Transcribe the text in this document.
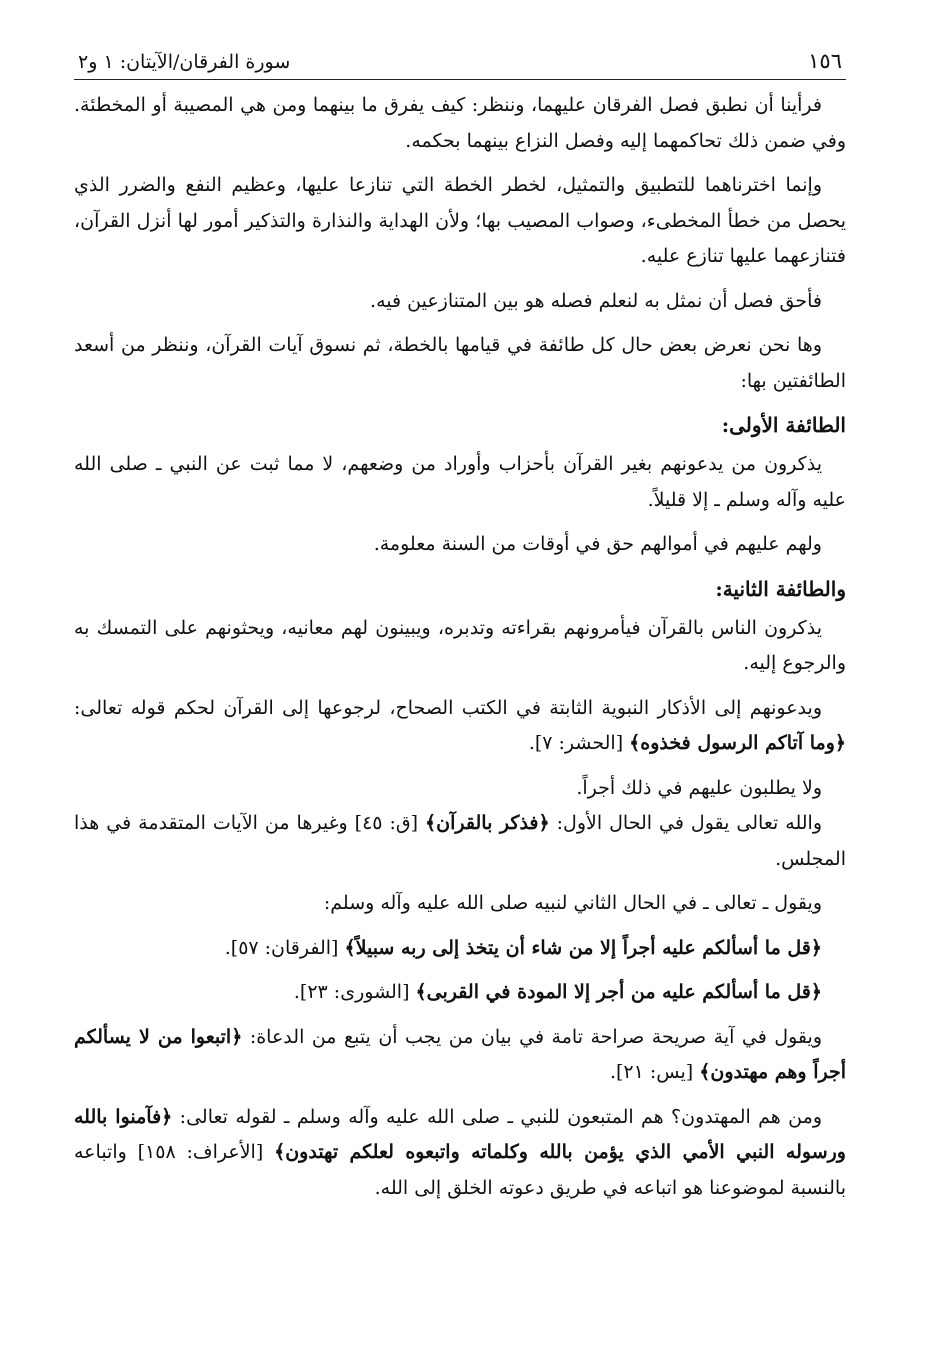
١٥٦
سورة الفرقان/الآيتان: ١ و٢

فرأينا أن نطبق فصل الفرقان عليهما، وننظر: كيف يفرق ما بينهما ومن هي المصيبة أو المخطئة. وفي ضمن ذلك تحاكمهما إليه وفصل النزاع بينهما بحكمه.

وإنما اخترناهما للتطبيق والتمثيل، لخطر الخطة التي تنازعا عليها، وعظيم النفع والضرر الذي يحصل من خطأ المخطىء، وصواب المصيب بها؛ ولأن الهداية والنذارة والتذكير أمور لها أنزل القرآن، فتنازعهما عليها تنازع عليه.

فأحق فصل أن نمثل به لنعلم فصله هو بين المتنازعين فيه.

وها نحن نعرض بعض حال كل طائفة في قيامها بالخطة، ثم نسوق آيات القرآن، وننظر من أسعد الطائفتين بها:

الطائفة الأولى:

يذكرون من يدعونهم بغير القرآن بأحزاب وأوراد من وضعهم، لا مما ثبت عن النبي ـ صلى الله عليه وآله وسلم ـ إلا قليلاً.

ولهم عليهم في أموالهم حق في أوقات من السنة معلومة.

والطائفة الثانية:

يذكرون الناس بالقرآن فيأمرونهم بقراءته وتدبره، ويبينون لهم معانيه، ويحثونهم على التمسك به والرجوع إليه.

ويدعونهم إلى الأذكار النبوية الثابتة في الكتب الصحاح، لرجوعها إلى القرآن لحكم قوله تعالى: ﴿وما آتاكم الرسول فخذوه﴾ [الحشر: ٧].

ولا يطلبون عليهم في ذلك أجراً.

والله تعالى يقول في الحال الأول: ﴿فذكر بالقرآن﴾ [ق: ٤٥] وغيرها من الآيات المتقدمة في هذا المجلس.

ويقول ـ تعالى ـ في الحال الثاني لنبيه صلى الله عليه وآله وسلم:

﴿قل ما أسألكم عليه أجراً إلا من شاء أن يتخذ إلى ربه سبيلاً﴾ [الفرقان: ٥٧].

﴿قل ما أسألكم عليه من أجر إلا المودة في القربى﴾ [الشورى: ٢٣].

ويقول في آية صريحة صراحة تامة في بيان من يجب أن يتبع من الدعاة: ﴿اتبعوا من لا يسألكم أجراً وهم مهتدون﴾ [يس: ٢١].

ومن هم المهتدون؟ هم المتبعون للنبي ـ صلى الله عليه وآله وسلم ـ لقوله تعالى: ﴿فآمنوا بالله ورسوله النبي الأمي الذي يؤمن بالله وكلماته واتبعوه لعلكم تهتدون﴾ [الأعراف: ١٥٨] واتباعه بالنسبة لموضوعنا هو اتباعه في طريق دعوته الخلق إلى الله.
